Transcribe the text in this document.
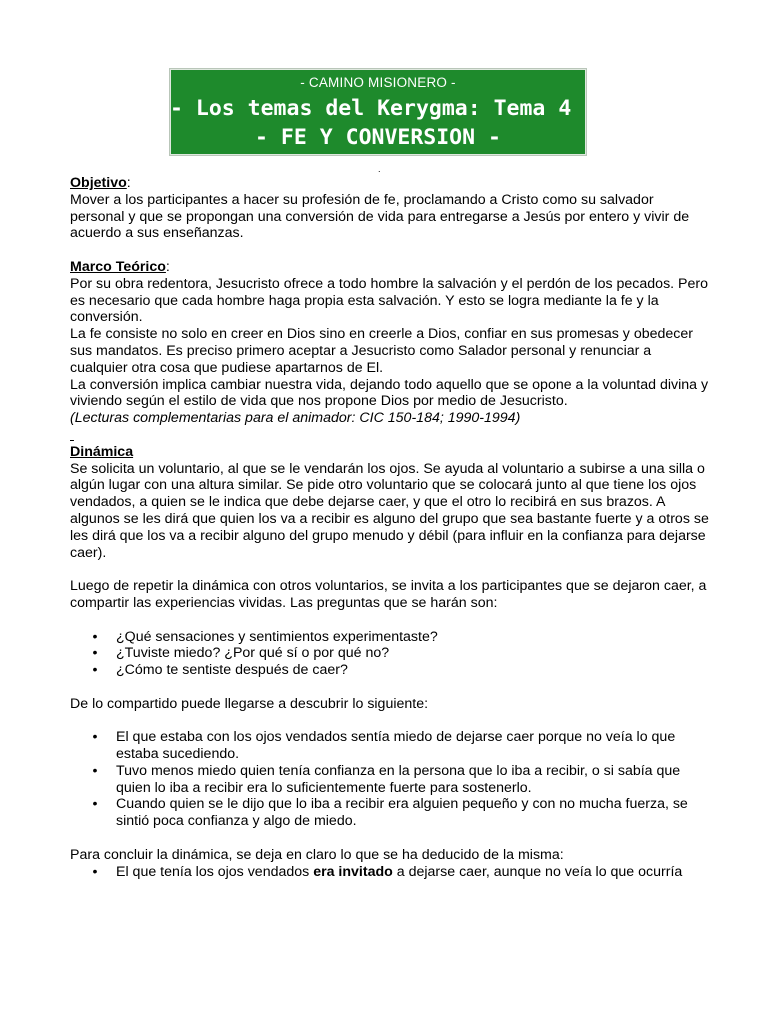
- CAMINO MISIONERO -
- Los temas del Kerygma: Tema 4 -
- FE Y CONVERSION -
.

Objetivo:

Mover a los participantes a hacer su profesión de fe, proclamando a Cristo como su salvador personal y que se propongan una conversión de vida para entregarse a Jesús por entero y vivir de acuerdo a sus enseñanzas.

Marco Teórico:

Por su obra redentora, Jesucristo ofrece a todo hombre la salvación y el perdón de los pecados. Pero es necesario que cada hombre haga propia esta salvación. Y esto se logra mediante la fe y la conversión.

La fe consiste no solo en creer en Dios sino en creerle a Dios, confiar en sus promesas y obedecer sus mandatos. Es preciso primero aceptar a Jesucristo como Salador personal y renunciar a cualquier otra cosa que pudiese apartarnos de El.

La conversión implica cambiar nuestra vida, dejando todo aquello que se opone a la voluntad divina y viviendo según el estilo de vida que nos propone Dios por medio de Jesucristo.

(Lecturas complementarias para el animador: CIC 150-184; 1990-1994)

Dinámica

Se solicita un voluntario, al que se le vendarán los ojos. Se ayuda al voluntario a subirse a una silla o algún lugar con una altura similar. Se pide otro voluntario que se colocará junto al que tiene los ojos vendados, a quien se le indica que debe dejarse caer, y que el otro lo recibirá en sus brazos. A algunos se les dirá que quien los va a recibir es alguno del grupo que sea bastante fuerte y a otros se les dirá que los va a recibir alguno del grupo menudo y débil (para influir en la confianza para dejarse caer).

Luego de repetir la dinámica con otros voluntarios, se invita a los participantes que se dejaron caer, a compartir las experiencias vividas. Las preguntas que se harán son:

• ¿Qué sensaciones y sentimientos experimentaste?
• ¿Tuviste miedo? ¿Por qué sí o por qué no?
• ¿Cómo te sentiste después de caer?

De lo compartido puede llegarse a descubrir lo siguiente:

• El que estaba con los ojos vendados sentía miedo de dejarse caer porque no veía lo que estaba sucediendo.
• Tuvo menos miedo quien tenía confianza en la persona que lo iba a recibir, o si sabía que quien lo iba a recibir era lo suficientemente fuerte para sostenerlo.
• Cuando quien se le dijo que lo iba a recibir era alguien pequeño y con no mucha fuerza, se sintió poca confianza y algo de miedo.

Para concluir la dinámica, se deja en claro lo que se ha deducido de la misma:

• El que tenía los ojos vendados era invitado a dejarse caer, aunque no veía lo que ocurría
